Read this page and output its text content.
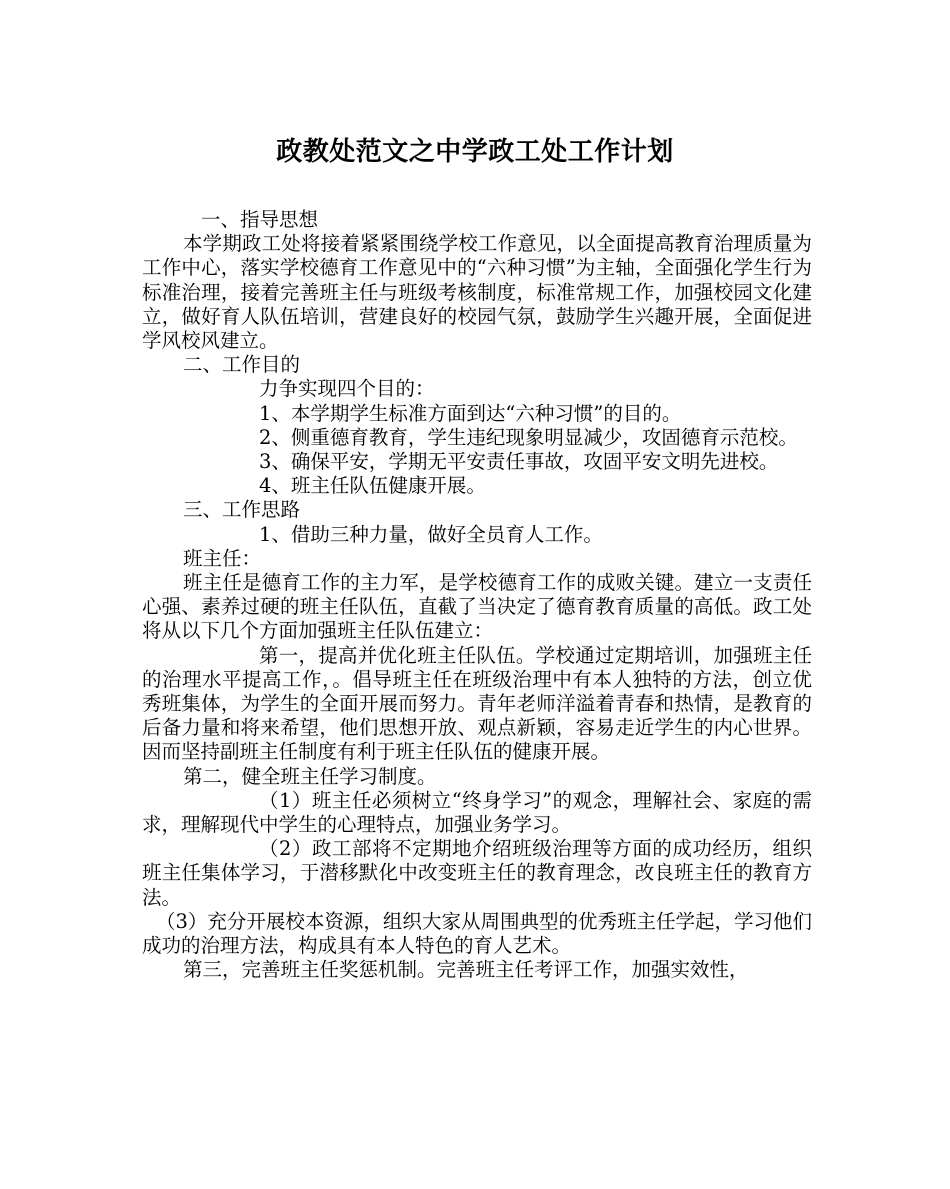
政教处范文之中学政工处工作计划

一、指导思想

本学期政工处将接着紧紧围绕学校工作意见，以全面提高教育治理质量为工作中心，落实学校德育工作意见中的“六种习惯”为主轴，全面强化学生行为标准治理，接着完善班主任与班级考核制度，标准常规工作，加强校园文化建立，做好育人队伍培训，营建良好的校园气氛，鼓励学生兴趣开展，全面促进学风校风建立。

二、工作目的

力争实现四个目的：

1、本学期学生标准方面到达“六种习惯”的目的。

2、侧重德育教育，学生违纪现象明显减少，攻固德育示范校。

3、确保平安，学期无平安责任事故，攻固平安文明先进校。

4、班主任队伍健康开展。

三、工作思路

1、借助三种力量，做好全员育人工作。

班主任：

班主任是德育工作的主力军，是学校德育工作的成败关键。建立一支责任心强、素养过硬的班主任队伍，直截了当决定了德育教育质量的高低。政工处将从以下几个方面加强班主任队伍建立：

第一，提高并优化班主任队伍。学校通过定期培训，加强班主任的治理水平提高工作，。倡导班主任在班级治理中有本人独特的方法，创立优秀班集体，为学生的全面开展而努力。青年老师洋溢着青春和热情，是教育的后备力量和将来希望，他们思想开放、观点新颖，容易走近学生的内心世界。因而坚持副班主任制度有利于班主任队伍的健康开展。

第二，健全班主任学习制度。

（1）班主任必须树立“终身学习”的观念，理解社会、家庭的需求，理解现代中学生的心理特点，加强业务学习。

（2）政工部将不定期地介绍班级治理等方面的成功经历，组织班主任集体学习，于潜移默化中改变班主任的教育理念，改良班主任的教育方法。

（3）充分开展校本资源，组织大家从周围典型的优秀班主任学起，学习他们成功的治理方法，构成具有本人特色的育人艺术。

第三，完善班主任奖惩机制。完善班主任考评工作，加强实效性，
